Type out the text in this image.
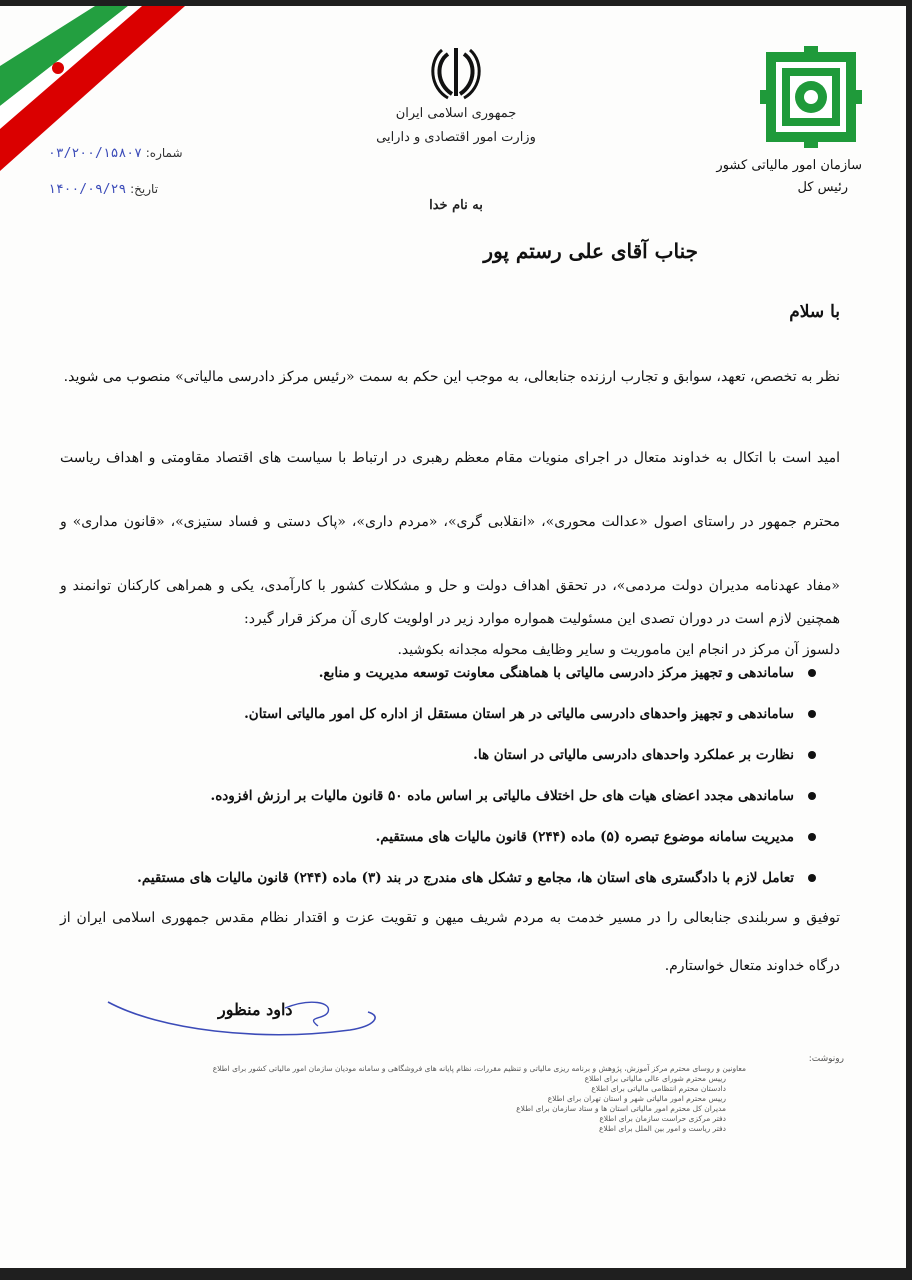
جمهوری اسلامی ایران
وزارت امور اقتصادی و دارایی
سازمان امور مالیاتی کشور
رئیس کل
شماره: ۰۳/۲۰۰/۱۵۸۰۷
تاریخ: ۱۴۰۰/۰۹/۲۹
به نام خدا
جناب آقای علی رستم پور
با سلام
نظر به تخصص، تعهد، سوابق و تجارب ارزنده جنابعالی، به موجب این حکم به سمت «رئیس مرکز دادرسی مالیاتی» منصوب می شوید.
امید است با اتکال به خداوند متعال در اجرای منویات مقام معظم رهبری در ارتباط با سیاست های اقتصاد مقاومتی و اهداف ریاست محترم جمهور در راستای اصول «عدالت محوری»، «انقلابی گری»، «مردم داری»، «پاک دستی و فساد ستیزی»، «قانون مداری» و «مفاد عهدنامه مدیران دولت مردمی»، در تحقق اهداف دولت و حل و مشکلات کشور با کارآمدی، یکی و همراهی کارکنان توانمند و دلسوز آن مرکز در انجام این ماموریت و سایر وظایف محوله مجدانه بکوشید.
همچنین لازم است در دوران تصدی این مسئولیت همواره موارد زیر در اولویت کاری آن مرکز قرار گیرد:
ساماندهی و تجهیز مرکز دادرسی مالیاتی با هماهنگی معاونت توسعه مدیریت و منابع.
ساماندهی و تجهیز واحدهای دادرسی مالیاتی در هر استان مستقل از اداره کل امور مالیاتی استان.
نظارت بر عملکرد واحدهای دادرسی مالیاتی در استان ها.
ساماندهی مجدد اعضای هیات های حل اختلاف مالیاتی بر اساس ماده ۵۰ قانون مالیات بر ارزش افزوده.
مدیریت سامانه موضوع تبصره (۵) ماده (۲۴۴) قانون مالیات های مستقیم.
تعامل لازم با دادگستری های استان ها، مجامع و تشکل های مندرج در بند (۳) ماده (۲۴۴) قانون مالیات های مستقیم.
توفیق و سربلندی جنابعالی را در مسیر خدمت به مردم شریف میهن و تقویت عزت و اقتدار نظام مقدس جمهوری اسلامی ایران از درگاه خداوند متعال خواستارم.
داود منظور
رونوشت:
معاونین و روسای محترم مرکز آموزش، پژوهش و برنامه ریزی مالیاتی و تنظیم مقررات، نظام پایانه های فروشگاهی و سامانه مودیان سازمان امور مالیاتی کشور برای اطلاع
رییس محترم شورای عالی مالیاتی برای اطلاع
دادستان محترم انتظامی مالیاتی برای اطلاع
رییس محترم امور مالیاتی شهر و استان تهران برای اطلاع
مدیران کل محترم امور مالیاتی استان ها و ستاد سازمان برای اطلاع
دفتر مرکزی حراست سازمان برای اطلاع
دفتر ریاست و امور بین الملل برای اطلاع
